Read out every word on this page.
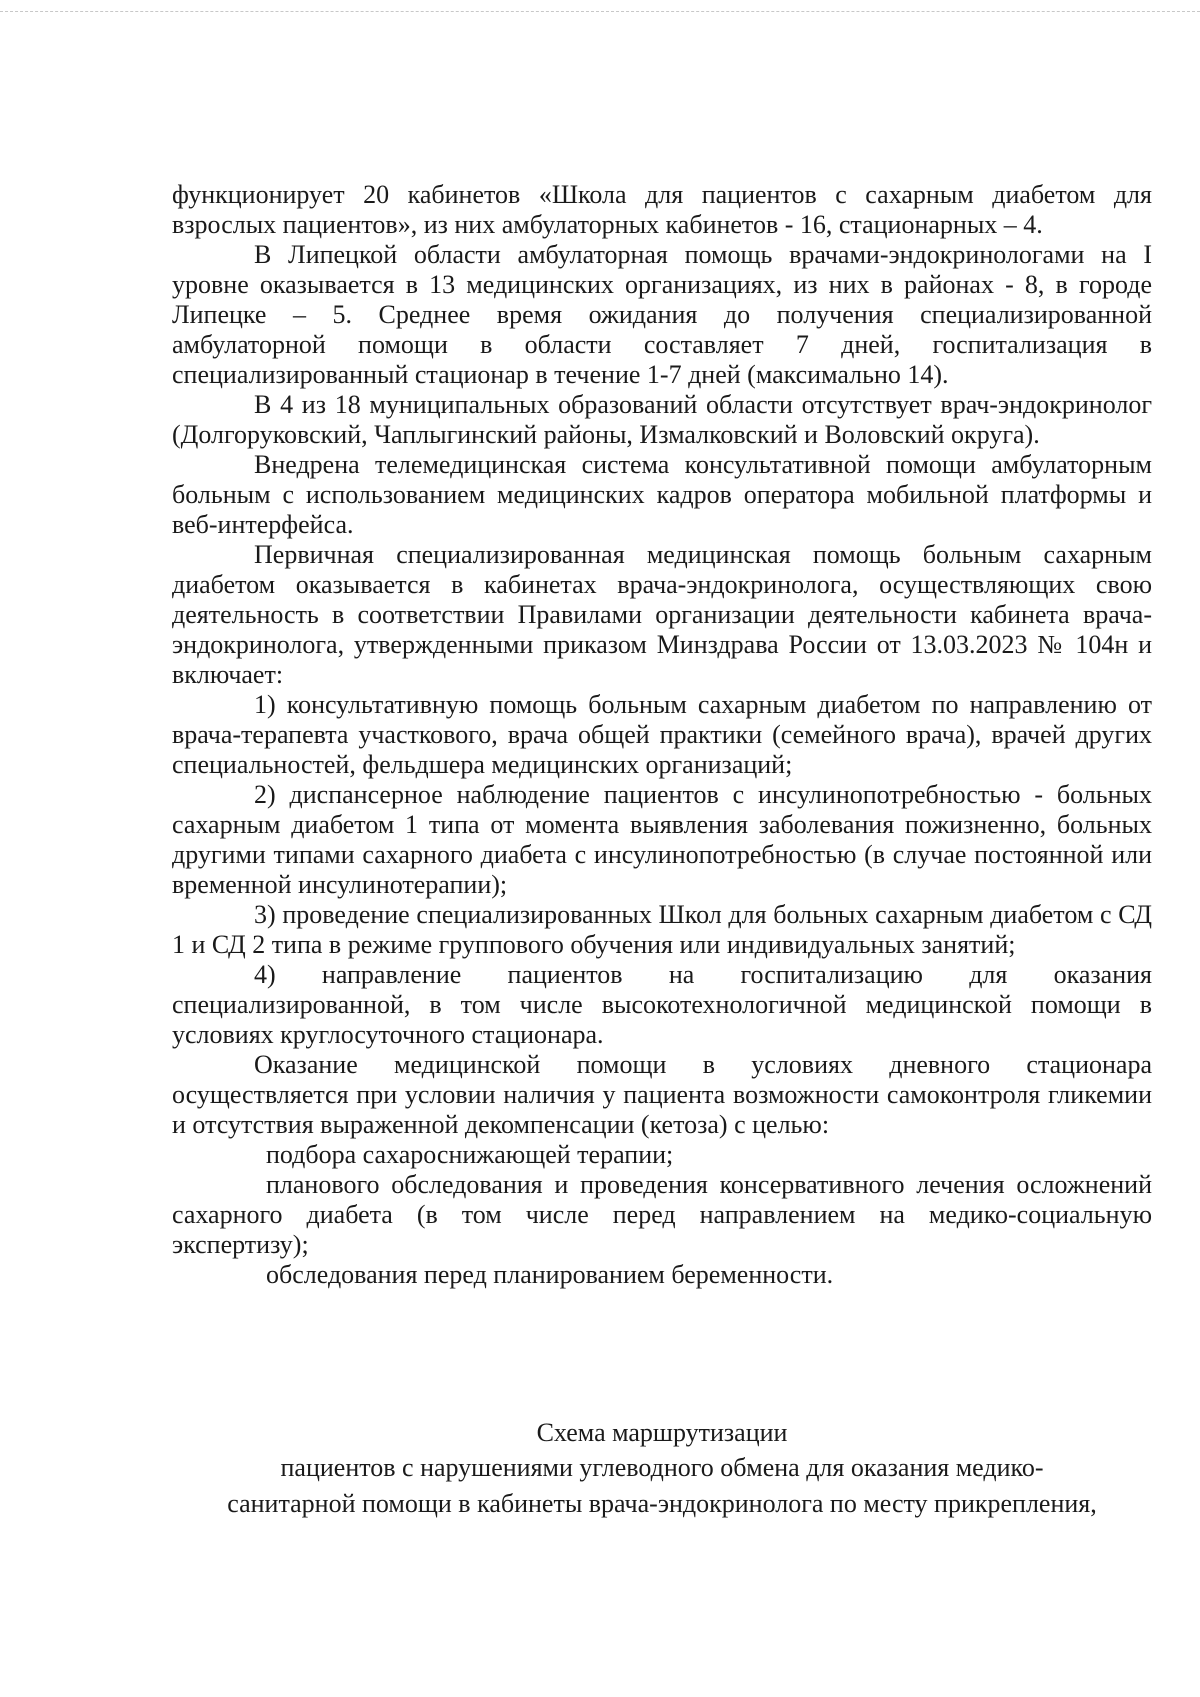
функционирует 20 кабинетов «Школа для пациентов с сахарным диабетом для взрослых пациентов», из них амбулаторных кабинетов - 16, стационарных – 4.

В Липецкой области амбулаторная помощь врачами-эндокринологами на I уровне оказывается в 13 медицинских организациях, из них в районах - 8, в городе Липецке – 5. Среднее время ожидания до получения специализированной амбулаторной помощи в области составляет 7 дней, госпитализация в специализированный стационар в течение 1-7 дней (максимально 14).

В 4 из 18 муниципальных образований области отсутствует врач-эндокринолог (Долгоруковский, Чаплыгинский районы, Измалковский и Воловский округа).

Внедрена телемедицинская система консультативной помощи амбулаторным больным с использованием медицинских кадров оператора мобильной платформы и веб-интерфейса.

Первичная специализированная медицинская помощь больным сахарным диабетом оказывается в кабинетах врача-эндокринолога, осуществляющих свою деятельность в соответствии Правилами организации деятельности кабинета врача-эндокринолога, утвержденными приказом Минздрава России от 13.03.2023 № 104н и включает:

1) консультативную помощь больным сахарным диабетом по направлению от врача-терапевта участкового, врача общей практики (семейного врача), врачей других специальностей, фельдшера медицинских организаций;

2) диспансерное наблюдение пациентов с инсулинопотребностью - больных сахарным диабетом 1 типа от момента выявления заболевания пожизненно, больных другими типами сахарного диабета с инсулинопотребностью (в случае постоянной или временной инсулинотерапии);

3) проведение специализированных Школ для больных сахарным диабетом с СД 1 и СД 2 типа в режиме группового обучения или индивидуальных занятий;

4) направление пациентов на госпитализацию для оказания специализированной, в том числе высокотехнологичной медицинской помощи в условиях круглосуточного стационара.

Оказание медицинской помощи в условиях дневного стационара осуществляется при условии наличия у пациента возможности самоконтроля гликемии и отсутствия выраженной декомпенсации (кетоза) с целью:

подбора сахароснижающей терапии;

планового обследования и проведения консервативного лечения осложнений сахарного диабета (в том числе перед направлением на медико-социальную экспертизу);

обследования перед планированием беременности.

Схема маршрутизации
пациентов с нарушениями углеводного обмена для оказания медико-
санитарной помощи в кабинеты врача-эндокринолога по месту прикрепления,
